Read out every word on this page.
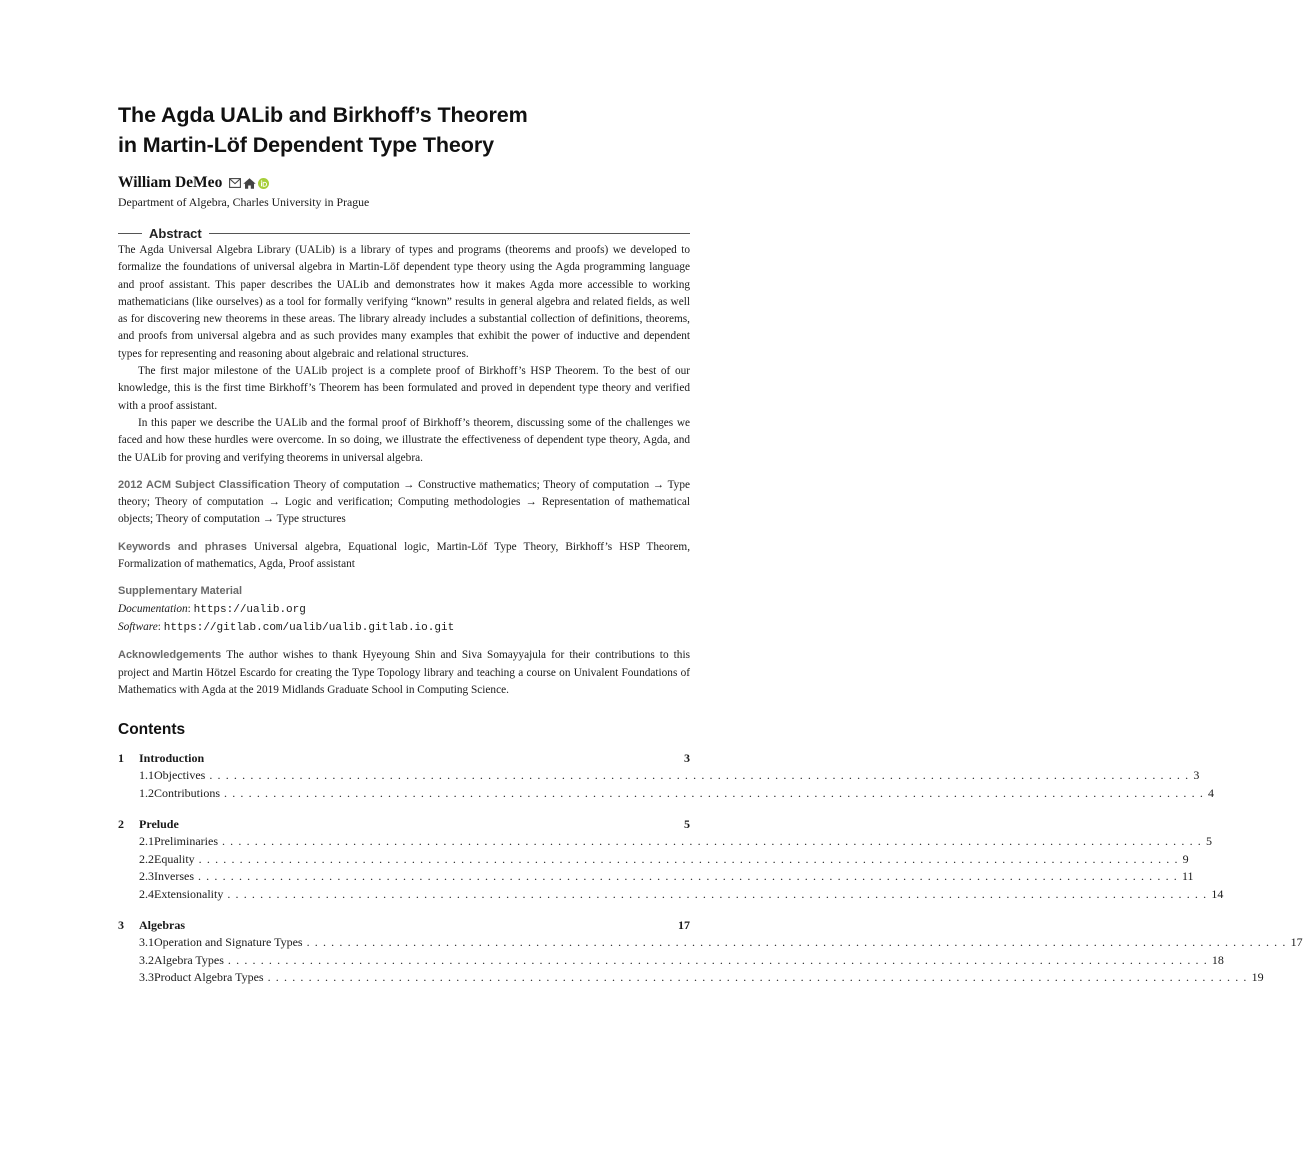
The Agda UALib and Birkhoff’s Theorem
in Martin-Löf Dependent Type Theory
William DeMeo
Department of Algebra, Charles University in Prague
Abstract

The Agda Universal Algebra Library (UALib) is a library of types and programs (theorems and proofs) we developed to formalize the foundations of universal algebra in Martin-Löf dependent type theory using the Agda programming language and proof assistant. This paper describes the UALib and demonstrates how it makes Agda more accessible to working mathematicians (like ourselves) as a tool for formally verifying “known” results in general algebra and related fields, as well as for discovering new theorems in these areas. The library already includes a substantial collection of definitions, theorems, and proofs from universal algebra and as such provides many examples that exhibit the power of inductive and dependent types for representing and reasoning about algebraic and relational structures.

The first major milestone of the UALib project is a complete proof of Birkhoff’s HSP Theorem. To the best of our knowledge, this is the first time Birkhoff’s Theorem has been formulated and proved in dependent type theory and verified with a proof assistant.

In this paper we describe the UALib and the formal proof of Birkhoff’s theorem, discussing some of the challenges we faced and how these hurdles were overcome. In so doing, we illustrate the effectiveness of dependent type theory, Agda, and the UALib for proving and verifying theorems in universal algebra.

2012 ACM Subject Classification Theory of computation → Constructive mathematics; Theory of computation → Type theory; Theory of computation → Logic and verification; Computing methodologies → Representation of mathematical objects; Theory of computation → Type structures
Keywords and phrases Universal algebra, Equational logic, Martin-Löf Type Theory, Birkhoff’s HSP Theorem, Formalization of mathematics, Agda, Proof assistant
Supplementary Material
Documentation: https://ualib.org
Software: https://gitlab.com/ualib/ualib.gitlab.io.git
Acknowledgements The author wishes to thank Hyeyoung Shin and Siva Somayyajula for their contributions to this project and Martin Hötzel Escardo for creating the Type Topology library and teaching a course on Univalent Foundations of Mathematics with Agda at the 2019 Midlands Graduate School in Computing Science.
Contents
1	Introduction	3
1.1 Objectives ........................................................................................................................ 3
1.2 Contributions ........................................................................................................................ 4
2	Prelude	5
2.1 Preliminaries ........................................................................................................................ 5
2.2 Equality ........................................................................................................................ 9
2.3 Inverses ........................................................................................................................ 11
2.4 Extensionality ........................................................................................................................ 14
3	Algebras	17
3.1 Operation and Signature Types ........................................................................................................................ 17
3.2 Algebra Types ........................................................................................................................ 18
3.3 Product Algebra Types ........................................................................................................................ 19
